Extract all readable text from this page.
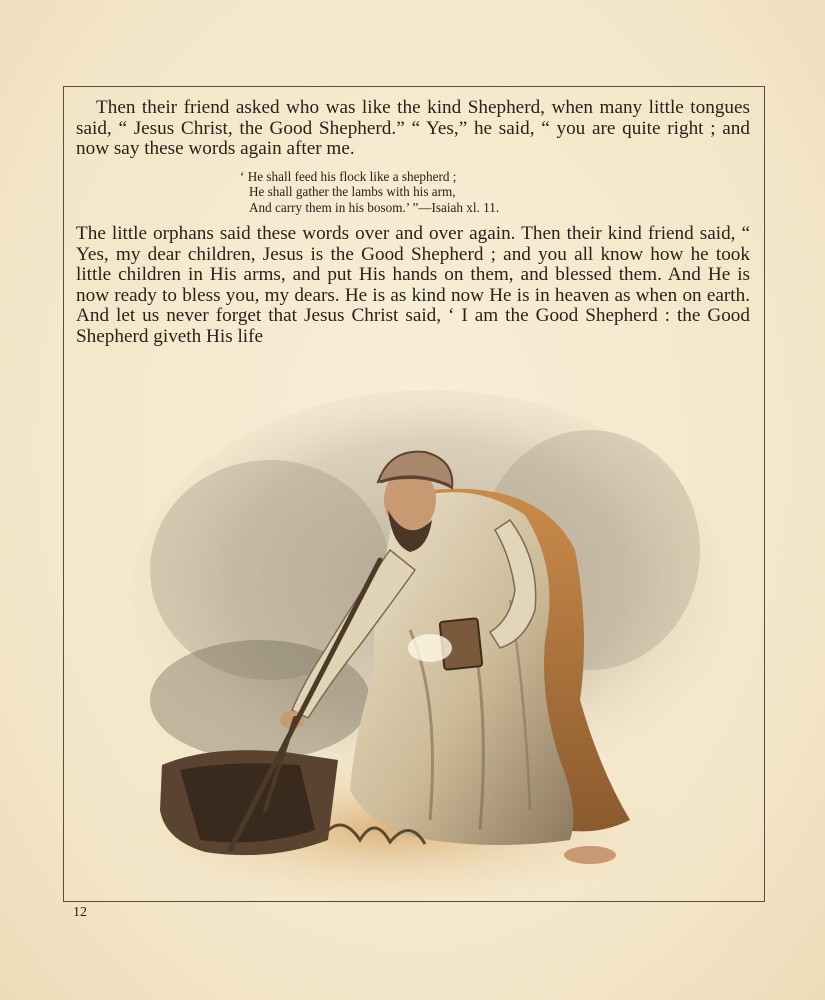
Then their friend asked who was like the kind Shepherd, when many little tongues said, “ Jesus Christ, the Good Shepherd.” “ Yes,” he said, “ you are quite right ; and now say these words again after me.

‘ He shall feed his flock like a shepherd ;
He shall gather the lambs with his arm,
And carry them in his bosom.’ ”—Isaiah xl. 11.

The little orphans said these words over and over again. Then their kind friend said, “ Yes, my dear children, Jesus is the Good Shepherd ; and you all know how he took little children in His arms, and put His hands on them, and blessed them. And He is now ready to bless you, my dears. He is as kind now He is in heaven as when on earth. And let us never forget that Jesus Christ said, ‘ I am the Good Shepherd : the Good Shepherd giveth His life

12
